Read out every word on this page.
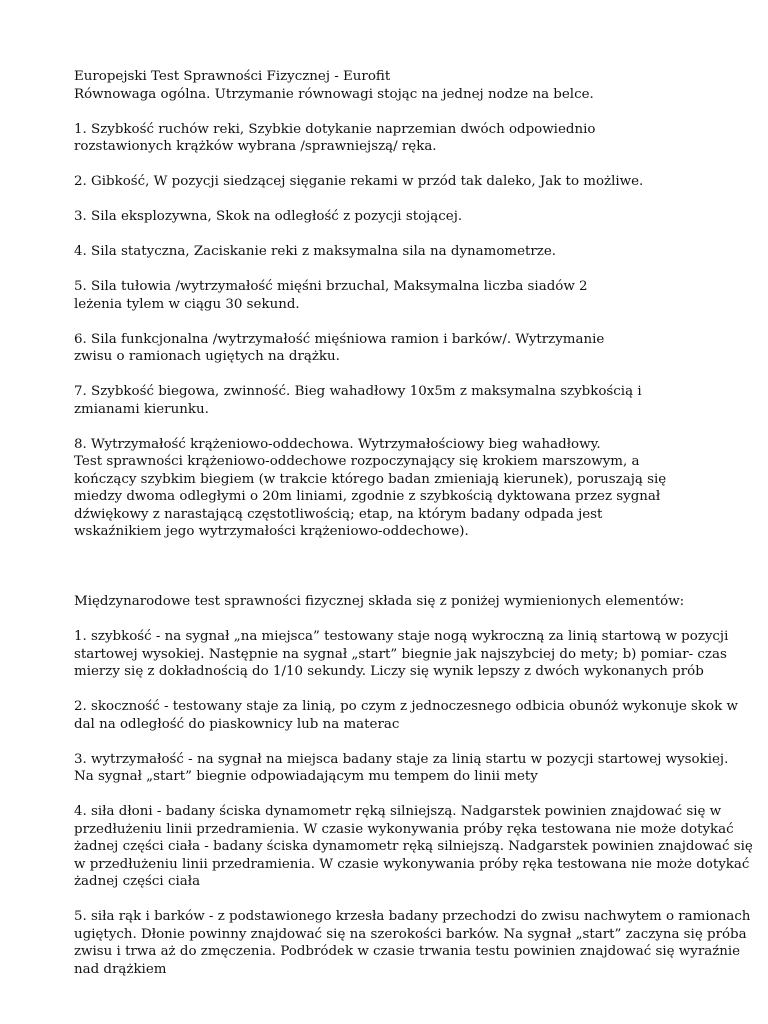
Europejski Test Sprawności Fizycznej - Eurofit
Równowaga ogólna. Utrzymanie równowagi stojąc na jednej nodze na belce.

1. Szybkość ruchów reki, Szybkie dotykanie naprzemian dwóch odpowiednio
rozstawionych krążków wybrana /sprawniejszą/ ręka.

2. Gibkość, W pozycji siedzącej sięganie rekami w przód tak daleko, Jak to możliwe.

3. Sila eksplozywna, Skok na odległość z pozycji stojącej.

4. Sila statyczna, Zaciskanie reki z maksymalna sila na dynamometrze.

5. Sila tułowia /wytrzymałość mięśni brzuchal, Maksymalna liczba siadów 2
leżenia tylem w ciągu 30 sekund.

6. Sila funkcjonalna /wytrzymałość mięśniowa ramion i barków/. Wytrzymanie
zwisu o ramionach ugiętych na drążku.

7. Szybkość biegowa, zwinność. Bieg wahadłowy 10x5m z maksymalna szybkością i
zmianami kierunku.

8. Wytrzymałość krążeniowo-oddechowa. Wytrzymałościowy bieg wahadłowy.
Test sprawności krążeniowo-oddechowe rozpoczynający się krokiem marszowym, a
kończący szybkim biegiem (w trakcie którego badan zmieniają kierunek), poruszają się
miedzy dwoma odległymi o 20m liniami, zgodnie z szybkością dyktowana przez sygnał
dźwiękowy z narastającą częstotliwością; etap, na którym badany odpada jest
wskaźnikiem jego wytrzymałości krążeniowo-oddechowe).

Międzynarodowe test sprawności fizycznej składa się z poniżej wymienionych elementów:

1. szybkość - na sygnał „na miejsca” testowany staje nogą wykroczną za linią startową w pozycji
startowej wysokiej. Następnie na sygnał „start” biegnie jak najszybciej do mety; b) pomiar- czas
mierzy się z dokładnością do 1/10 sekundy. Liczy się wynik lepszy z dwóch wykonanych prób

2. skoczność - testowany staje za linią, po czym z jednoczesnego odbicia obunóż wykonuje skok w
dal na odległość do piaskownicy lub na materac

3. wytrzymałość - na sygnał na miejsca badany staje za linią startu w pozycji startowej wysokiej.
Na sygnał „start” biegnie odpowiadającym mu tempem do linii mety

4. siła dłoni - badany ściska dynamometr ręką silniejszą. Nadgarstek powinien znajdować się w
przedłużeniu linii przedramienia. W czasie wykonywania próby ręka testowana nie może dotykać
żadnej części ciała - badany ściska dynamometr ręką silniejszą. Nadgarstek powinien znajdować się
w przedłużeniu linii przedramienia. W czasie wykonywania próby ręka testowana nie może dotykać
żadnej części ciała

5. siła rąk i barków - z podstawionego krzesła badany przechodzi do zwisu nachwytem o ramionach
ugiętych. Dłonie powinny znajdować się na szerokości barków. Na sygnał „start” zaczyna się próba
zwisu i trwa aż do zmęczenia. Podbródek w czasie trwania testu powinien znajdować się wyraźnie
nad drążkiem
